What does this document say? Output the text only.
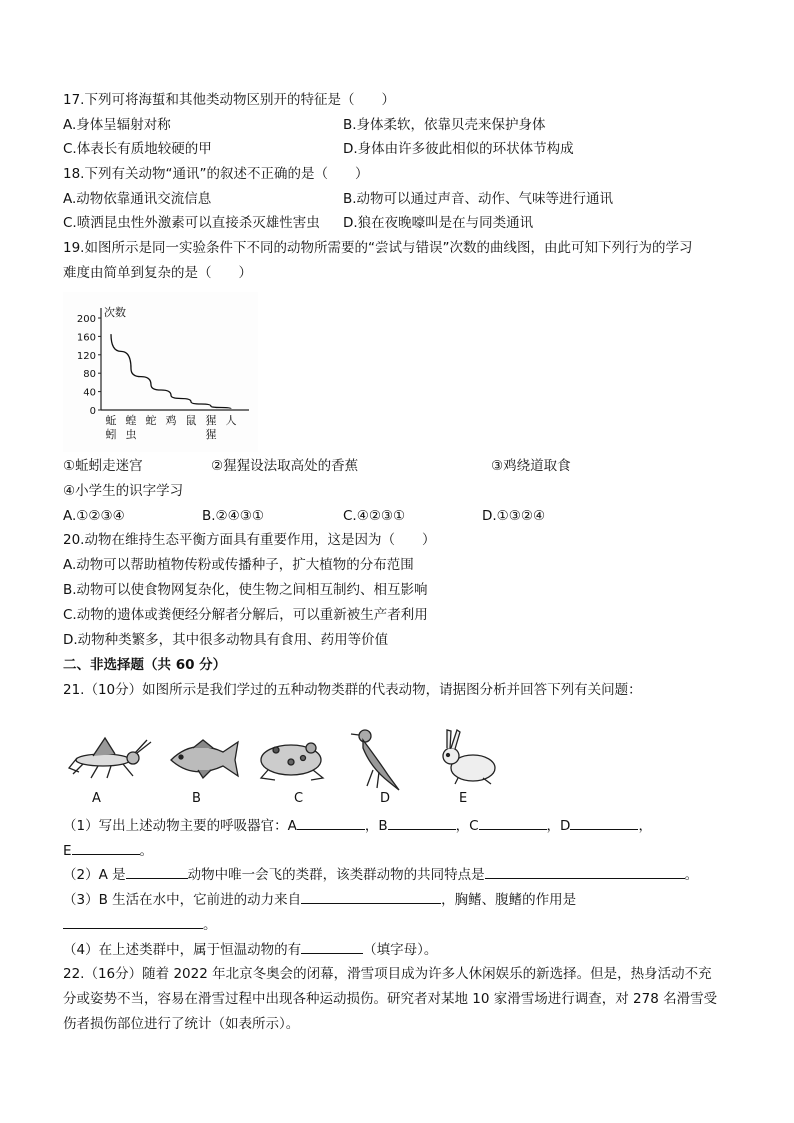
17.下列可将海蜇和其他类动物区别开的特征是（　　）
A.身体呈辐射对称	B.身体柔软，依靠贝壳来保护身体
C.体表长有质地较硬的甲	D.身体由许多彼此相似的环状体节构成
18.下列有关动物“通讯”的叙述不正确的是（　　）
A.动物依靠通讯交流信息	B.动物可以通过声音、动作、气味等进行通讯
C.喷洒昆虫性外激素可以直接杀灭雄性害虫 D.狼在夜晚嚎叫是在与同类通讯
19.如图所示是同一实验条件下不同的动物所需要的“尝试与错误”次数的曲线图，由此可知下列行为的学习
难度由简单到复杂的是（　　）
次数
0
40
80
120
160
200
蚯
蚓
蝗
虫
蛇 鸡 鼠 猩
猩
人
①蚯蚓走迷宫	②猩猩设法取高处的香蕉	③鸡绕道取食
④小学生的识字学习
A.①②③④	B.②④③①	C.④②③①	D.①③②④
20.动物在维持生态平衡方面具有重要作用，这是因为（　　）
A.动物可以帮助植物传粉或传播种子，扩大植物的分布范围
B.动物可以使食物网复杂化，使生物之间相互制约、相互影响
C.动物的遗体或粪便经分解者分解后，可以重新被生产者利用
D.动物种类繁多，其中很多动物具有食用、药用等价值
二、非选择题（共 60 分）
21.（10分）如图所示是我们学过的五种动物类群的代表动物，请据图分析并回答下列有关问题：
A	B	C	D	E
（1）写出上述动物主要的呼吸器官：A	，B	，C	，D	，
E	。
（2）A 是	动物中唯一会飞的类群，该类群动物的共同特点是	。
（3）B 生活在水中，它前进的动力来自	，胸鳍、腹鳍的作用是
。
（4）在上述类群中，属于恒温动物的有	（填字母）。
22.（16分）随着 2022 年北京冬奥会的闭幕，滑雪项目成为许多人休闲娱乐的新选择。但是，热身活动不充
分或姿势不当，容易在滑雪过程中出现各种运动损伤。研究者对某地 10 家滑雪场进行调查，对 278 名滑雪受
伤者损伤部位进行了统计（如表所示）。
